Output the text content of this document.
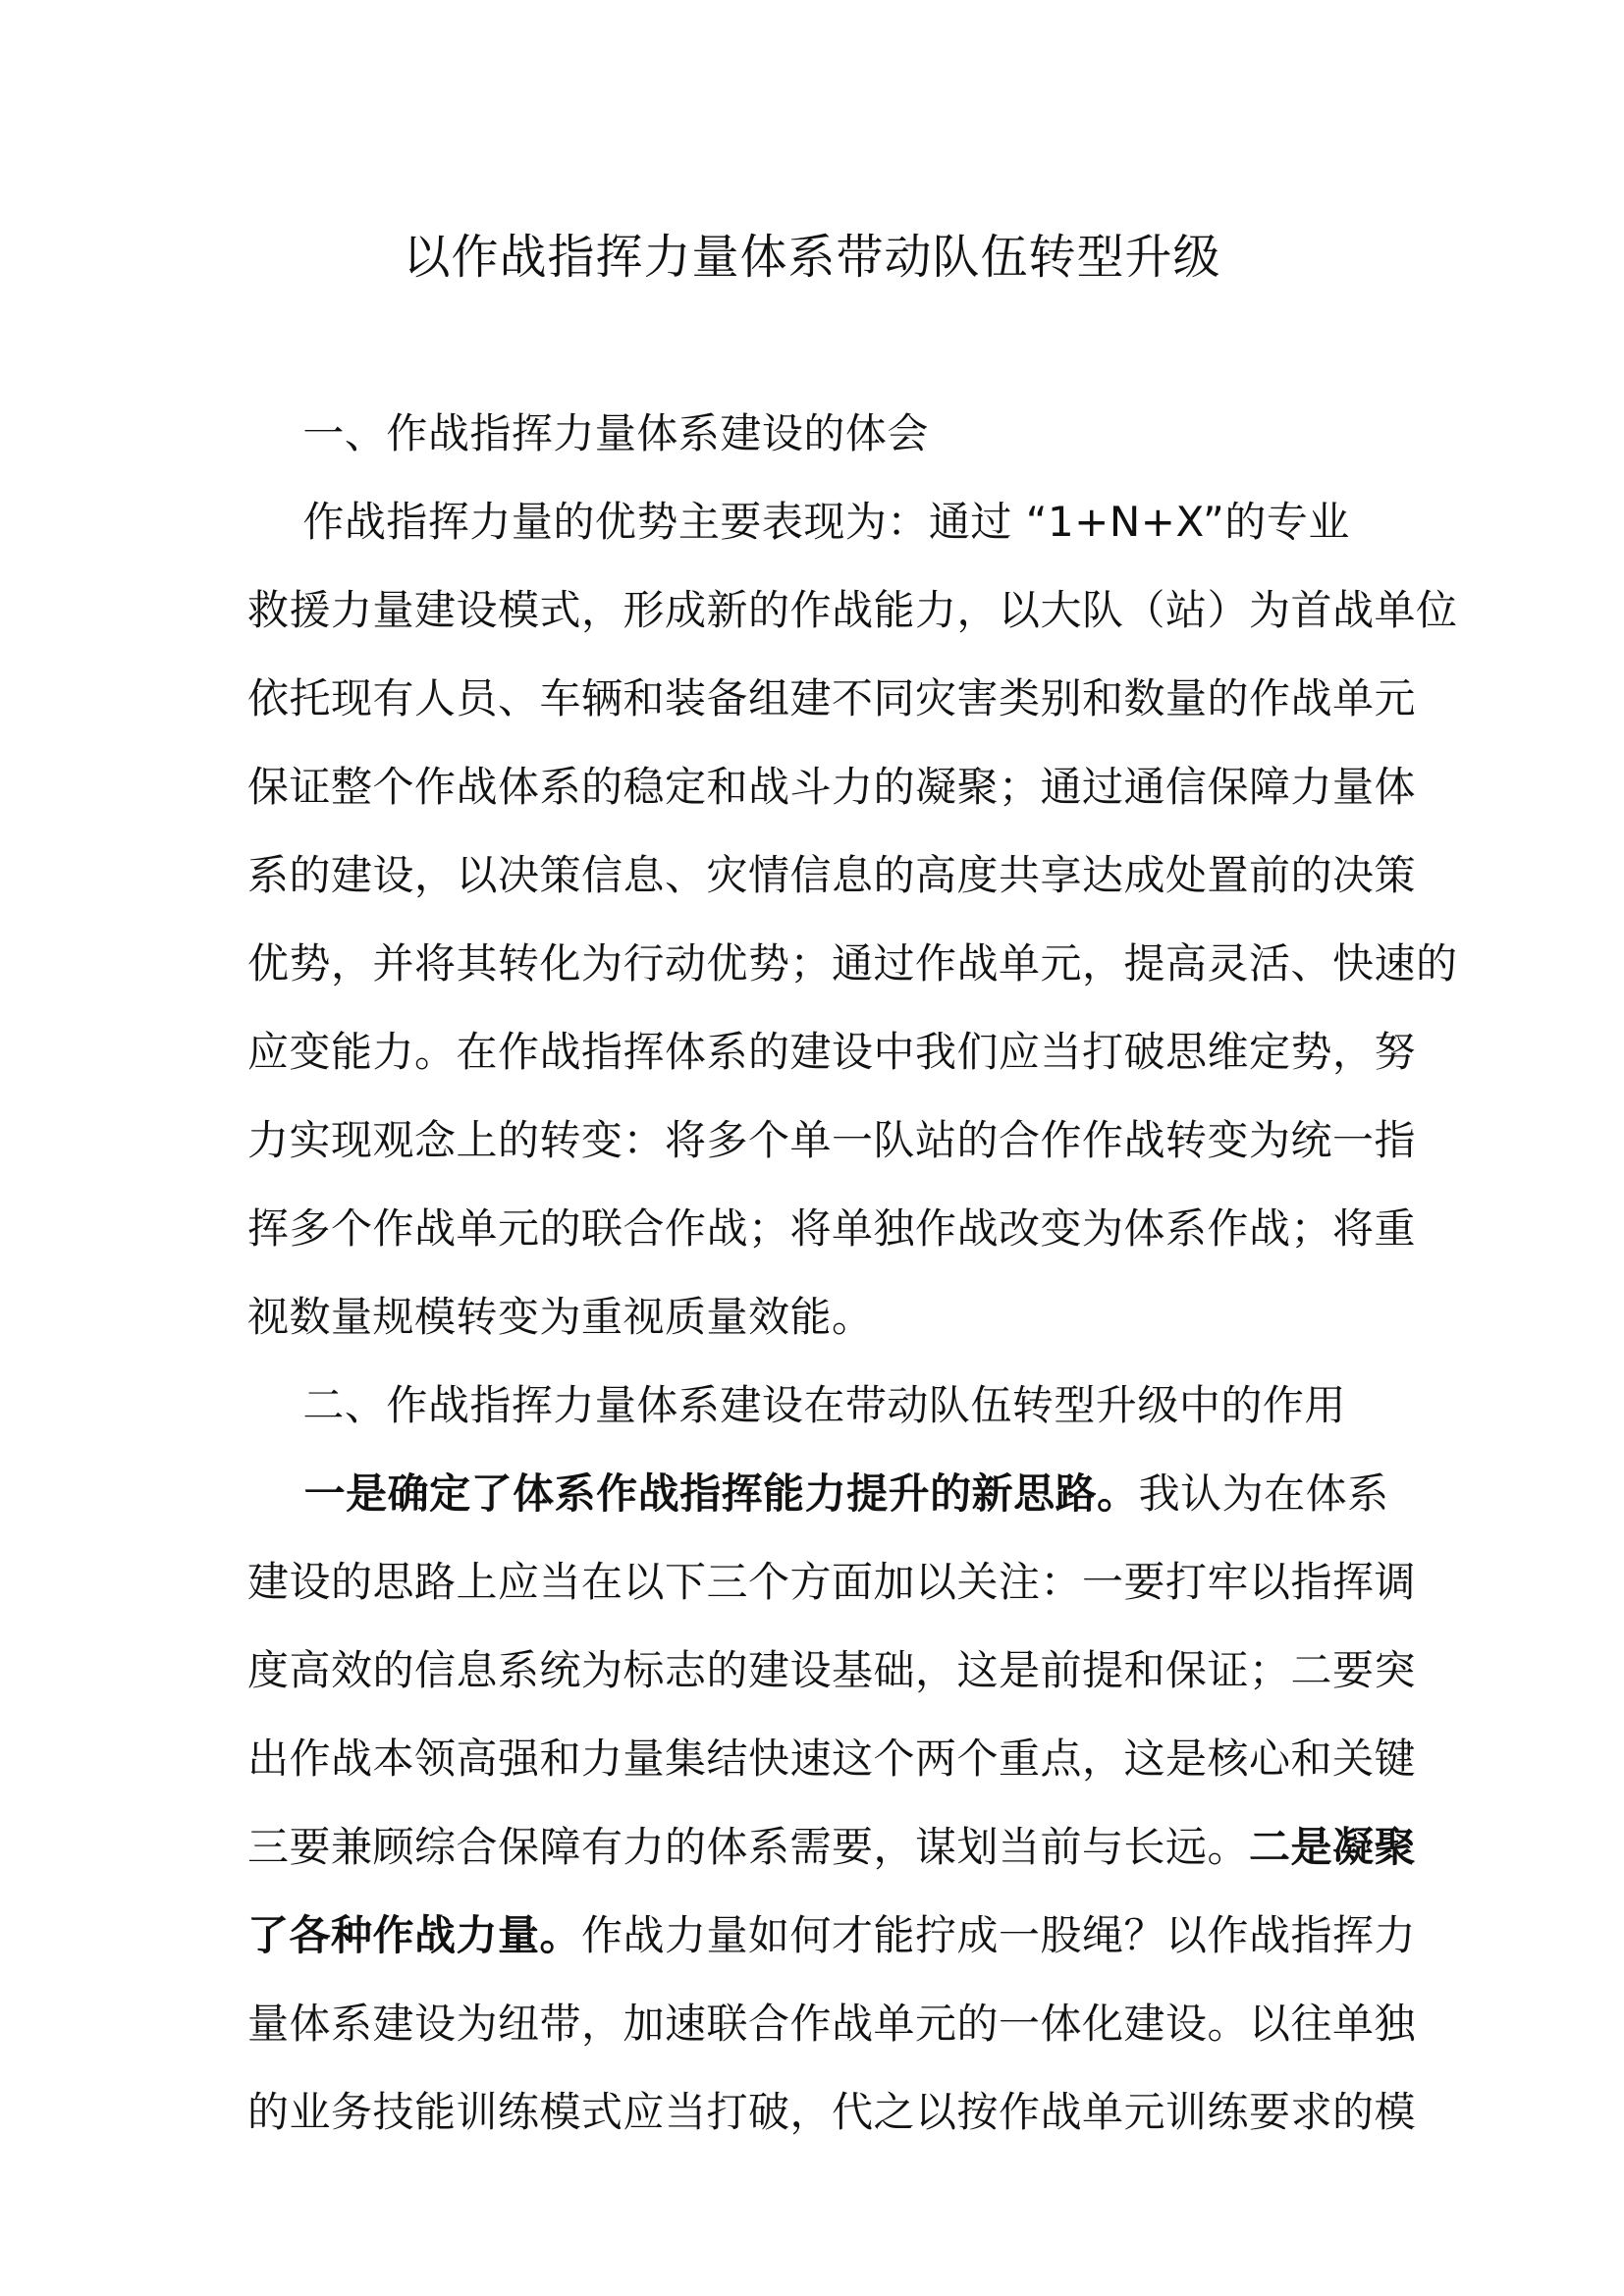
以作战指挥力量体系带动队伍转型升级
　 一、作战指挥力量体系建设的体会
　 作战指挥力量的优势主要表现为：通过 “1+N+X”的专业
救援力量建设模式，形成新的作战能力，以大队（站）为首战单位
依托现有人员、车辆和装备组建不同灾害类别和数量的作战单元
保证整个作战体系的稳定和战斗力的凝聚；通过通信保障力量体
系的建设，以决策信息、灾情信息的高度共享达成处置前的决策
优势，并将其转化为行动优势；通过作战单元，提高灵活、快速的
应变能力。在作战指挥体系的建设中我们应当打破思维定势，努
力实现观念上的转变：将多个单一队站的合作作战转变为统一指
挥多个作战单元的联合作战；将单独作战改变为体系作战；将重
视数量规模转变为重视质量效能。
　 二、作战指挥力量体系建设在带动队伍转型升级中的作用
　 一是确定了体系作战指挥能力提升的新思路。我认为在体系
建设的思路上应当在以下三个方面加以关注：一要打牢以指挥调
度高效的信息系统为标志的建设基础，这是前提和保证；二要突
出作战本领高强和力量集结快速这个两个重点，这是核心和关键
三要兼顾综合保障有力的体系需要，谋划当前与长远。二是凝聚
了各种作战力量。作战力量如何才能拧成一股绳？以作战指挥力
量体系建设为纽带，加速联合作战单元的一体化建设。以往单独
的业务技能训练模式应当打破，代之以按作战单元训练要求的模
